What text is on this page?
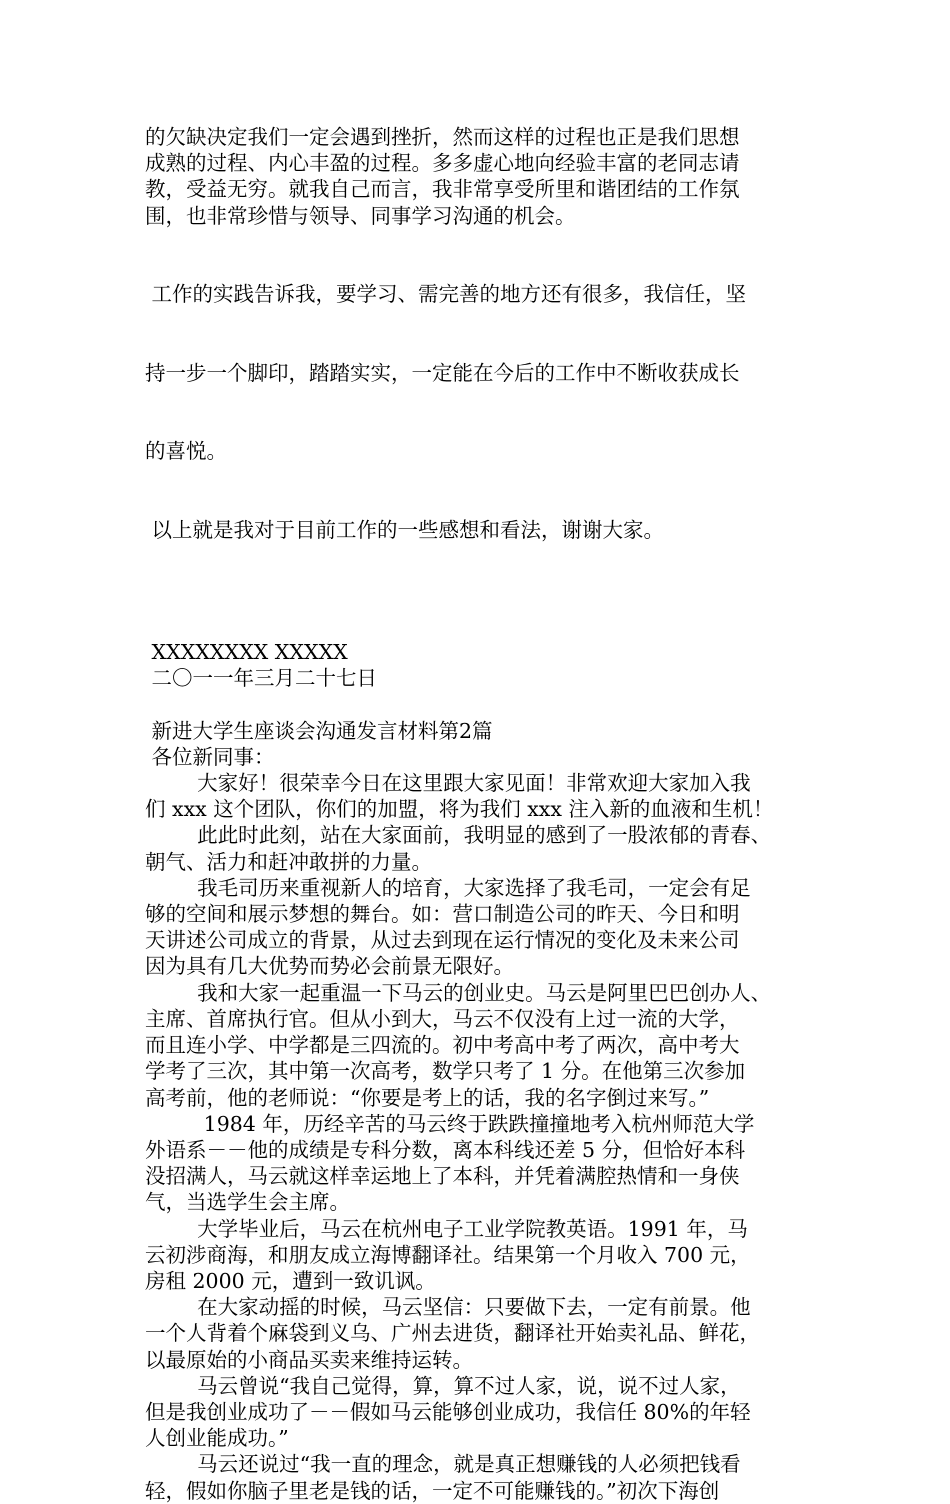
的欠缺决定我们一定会遇到挫折，然而这样的过程也正是我们思想
成熟的过程、内心丰盈的过程。多多虚心地向经验丰富的老同志请
教，受益无穷。就我自己而言，我非常享受所里和谐团结的工作氛
围，也非常珍惜与领导、同事学习沟通的机会。

工作的实践告诉我，要学习、需完善的地方还有很多，我信任，坚

持一步一个脚印，踏踏实实，一定能在今后的工作中不断收获成长

的喜悦。

以上就是我对于目前工作的一些感想和看法，谢谢大家。
XXXXXXXX XXXXX
二〇一一年三月二十七日
新进大学生座谈会沟通发言材料第2篇
各位新同事：
大家好！很荣幸今日在这里跟大家见面！非常欢迎大家加入我
们 xxx 这个团队，你们的加盟，将为我们 xxx 注入新的血液和生机！
此此时此刻，站在大家面前，我明显的感到了一股浓郁的青春、
朝气、活力和赶冲敢拼的力量。
我毛司历来重视新人的培育，大家选择了我毛司，一定会有足
够的空间和展示梦想的舞台。如：营口制造公司的昨天、今日和明
天讲述公司成立的背景，从过去到现在运行情况的变化及未来公司
因为具有几大优势而势必会前景无限好。
我和大家一起重温一下马云的创业史。马云是阿里巴巴创办人、
主席、首席执行官。但从小到大，马云不仅没有上过一流的大学，
而且连小学、中学都是三四流的。初中考高中考了两次，高中考大
学考了三次，其中第一次高考，数学只考了 1 分。在他第三次参加
高考前，他的老师说：“你要是考上的话，我的名字倒过来写。”
1984 年，历经辛苦的马云终于跌跌撞撞地考入杭州师范大学
外语系－－他的成绩是专科分数，离本科线还差 5 分，但恰好本科
没招满人，马云就这样幸运地上了本科，并凭着满腔热情和一身侠
气，当选学生会主席。
大学毕业后，马云在杭州电子工业学院教英语。1991 年，马
云初涉商海，和朋友成立海博翻译社。结果第一个月收入 700 元，
房租 2000 元，遭到一致讥讽。
在大家动摇的时候，马云坚信：只要做下去，一定有前景。他
一个人背着个麻袋到义乌、广州去进货，翻译社开始卖礼品、鲜花，
以最原始的小商品买卖来维持运转。
马云曾说“我自己觉得，算，算不过人家，说，说不过人家，
但是我创业成功了－－假如马云能够创业成功，我信任 80%的年轻
人创业能成功。”
马云还说过“我一直的理念，就是真正想赚钱的人必须把钱看
轻，假如你脑子里老是钱的话，一定不可能赚钱的。”初次下海创
